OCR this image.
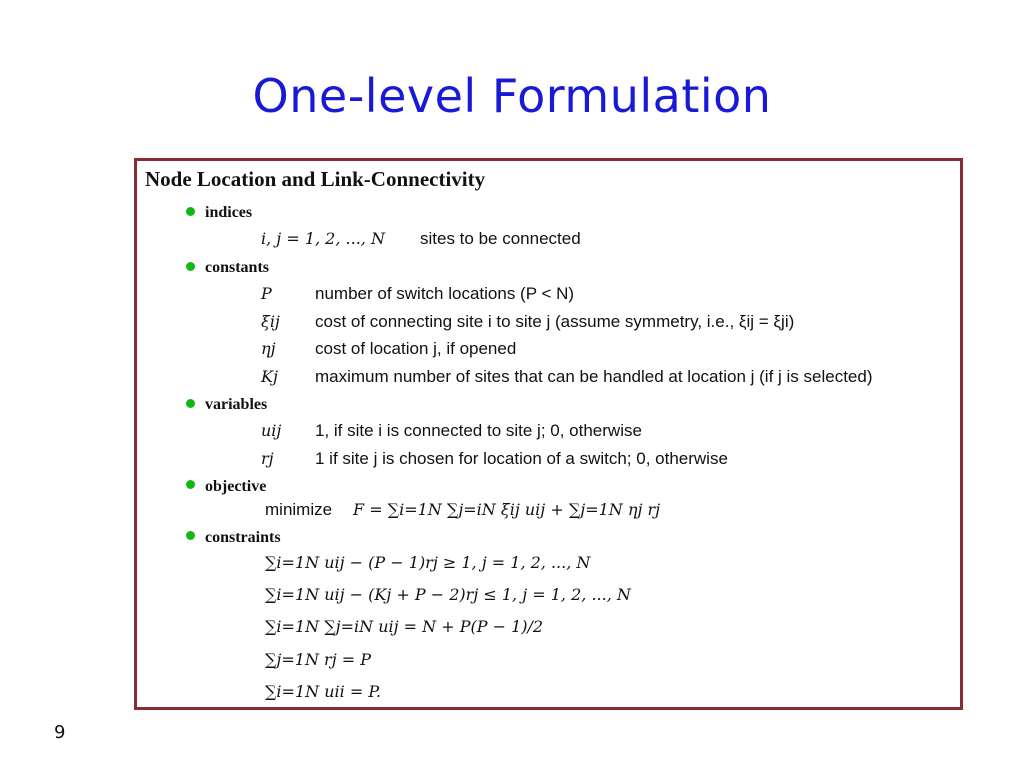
One-level Formulation
Node Location and Link-Connectivity
indices
i, j = 1, 2, ..., N sites to be connected
constants
P	number of switch locations (P < N)
ξij cost of connecting site i to site j (assume symmetry, i.e., ξij = ξji)
ηj cost of location j, if opened
Kj maximum number of sites that can be handled at location j (if j is selected)
variables
uij 1, if site i is connected to site j; 0, otherwise
rj 1 if site j is chosen for location of a switch; 0, otherwise
objective
minimize F = ∑i=1N ∑j=iN ξij uij + ∑j=1N ηj rj
constraints
∑i=1N uij − (P − 1)rj ≥ 1, j = 1, 2, ..., N
∑i=1N uij − (Kj + P − 2)rj ≤ 1, j = 1, 2, ..., N
∑i=1N ∑j=iN uij = N + P(P − 1)/2
∑j=1N rj = P
∑i=1N uii = P.
9
